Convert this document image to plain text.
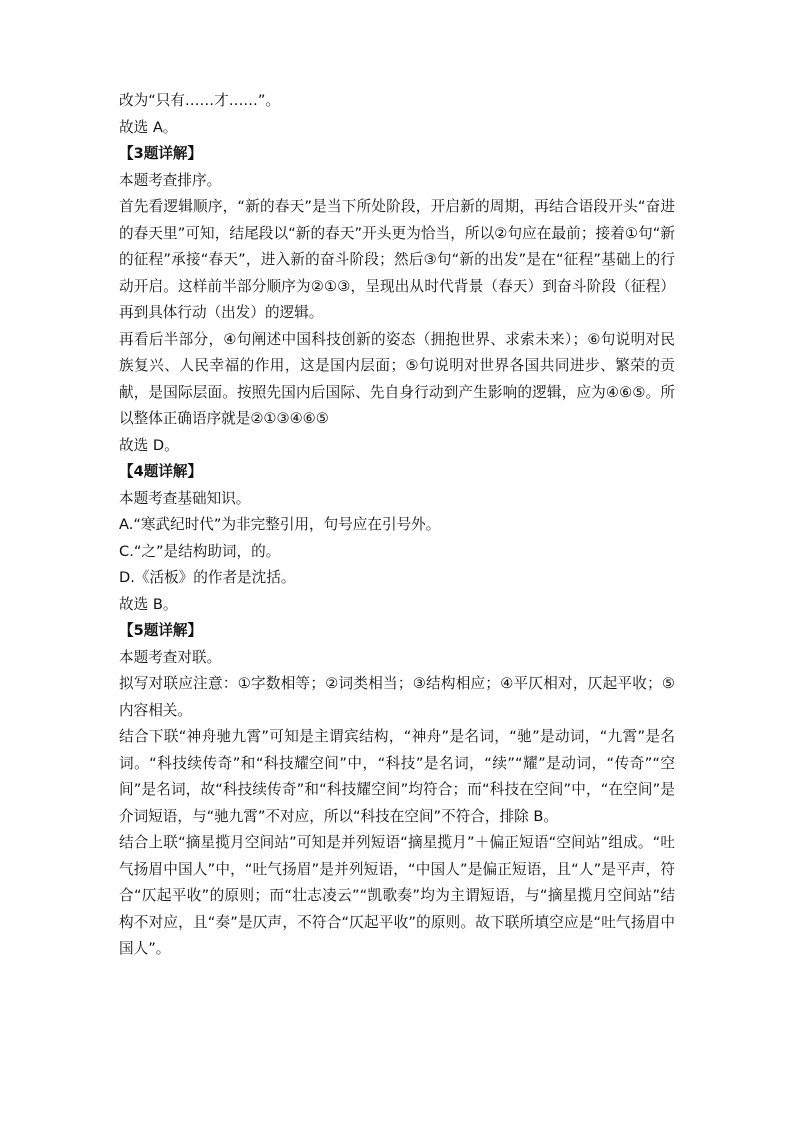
改为“只有……才……”。

故选 A。

【3题详解】

本题考查排序。

首先看逻辑顺序，“新的春天”是当下所处阶段，开启新的周期，再结合语段开头“奋进的春天里”可知，结尾段以“新的春天”开头更为恰当，所以②句应在最前；接着①句“新的征程”承接“春天”，进入新的奋斗阶段；然后③句“新的出发”是在“征程”基础上的行动开启。这样前半部分顺序为②①③，呈现出从时代背景（春天）到奋斗阶段（征程）再到具体行动（出发）的逻辑。

再看后半部分，④句阐述中国科技创新的姿态（拥抱世界、求索未来）；⑥句说明对民族复兴、人民幸福的作用，这是国内层面；⑤句说明对世界各国共同进步、繁荣的贡献，是国际层面。按照先国内后国际、先自身行动到产生影响的逻辑，应为④⑥⑤。所以整体正确语序就是②①③④⑥⑤

故选 D。

【4题详解】

本题考查基础知识。

A.“寒武纪时代”为非完整引用，句号应在引号外。

C.“之”是结构助词，的。

D.《活板》的作者是沈括。

故选 B。

【5题详解】

本题考查对联。

拟写对联应注意：①字数相等；②词类相当；③结构相应；④平仄相对，仄起平收；⑤内容相关。

结合下联“神舟驰九霄”可知是主谓宾结构，“神舟”是名词，“驰”是动词，“九霄”是名词。“科技续传奇”和“科技耀空间”中，“科技”是名词，“续”“耀”是动词，“传奇”“空间”是名词，故“科技续传奇”和“科技耀空间”均符合；而“科技在空间”中，“在空间”是介词短语，与“驰九霄”不对应，所以“科技在空间”不符合，排除 B。

结合上联“摘星揽月空间站”可知是并列短语“摘星揽月”＋偏正短语“空间站”组成。“吐气扬眉中国人”中，“吐气扬眉”是并列短语，“中国人”是偏正短语，且“人”是平声，符合“仄起平收”的原则；而“壮志凌云”“凯歌奏”均为主谓短语，与“摘星揽月空间站”结构不对应，且“奏”是仄声，不符合“仄起平收”的原则。故下联所填空应是“吐气扬眉中国人”。
